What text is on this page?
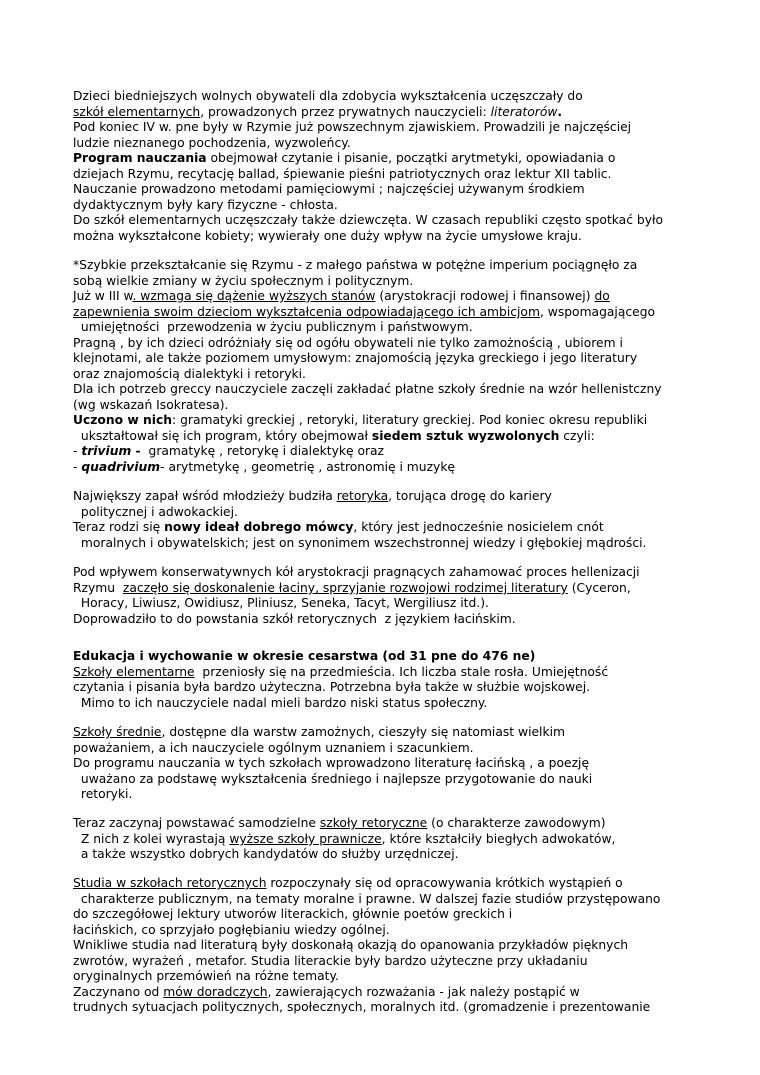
Dzieci biedniejszych wolnych obywateli dla zdobycia wykształcenia uczęszczały do
szkół elementarnych, prowadzonych przez prywatnych nauczycieli: literatorów.
Pod koniec IV w. pne były w Rzymie już powszechnym zjawiskiem. Prowadzili je najczęściej
ludzie nieznanego pochodzenia, wyzwoleńcy.
Program nauczania obejmował czytanie i pisanie, początki arytmetyki, opowiadania o
dziejach Rzymu, recytację ballad, śpiewanie pieśni patriotycznych oraz lektur XII tablic.
Nauczanie prowadzono metodami pamięciowymi ; najczęściej używanym środkiem
dydaktycznym były kary fizyczne - chłosta.
Do szkół elementarnych uczęszczały także dziewczęta. W czasach republiki często spotkać było
można wykształcone kobiety; wywierały one duży wpływ na życie umysłowe kraju.
*Szybkie przekształcanie się Rzymu - z małego państwa w potężne imperium pociągnęło za
sobą wielkie zmiany w życiu społecznym i politycznym.
Już w III w. wzmaga się dążenie wyższych stanów (arystokracji rodowej i finansowej) do
zapewnienia swoim dzieciom wykształcenia odpowiadającego ich ambicjom, wspomagającego
umiejętności  przewodzenia w życiu publicznym i państwowym.
Pragną , by ich dzieci odróżniały się od ogółu obywateli nie tylko zamożnością , ubiorem i
klejnotami, ale także poziomem umysłowym: znajomością języka greckiego i jego literatury
oraz znajomością dialektyki i retoryki.
Dla ich potrzeb greccy nauczyciele zaczęli zakładać płatne szkoły średnie na wzór hellenistczny
(wg wskazań Isokratesa).
Uczono w nich: gramatyki greckiej , retoryki, literatury greckiej. Pod koniec okresu republiki
ukształtował się ich program, który obejmował siedem sztuk wyzwolonych czyli:
- trivium -  gramatykę , retorykę i dialektykę oraz
- quadrivium- arytmetykę , geometrię , astronomię i muzykę
Największy zapał wśród młodzieży budziła retoryka, torująca drogę do kariery
politycznej i adwokackiej.
Teraz rodzi się nowy ideał dobrego mówcy, który jest jednocześnie nosicielem cnót
moralnych i obywatelskich; jest on synonimem wszechstronnej wiedzy i głębokiej mądrości.
Pod wpływem konserwatywnych kół arystokracji pragnących zahamować proces hellenizacji
Rzymu  zaczęło się doskonalenie łaciny, sprzyjanie rozwojowi rodzimej literatury (Cyceron,
Horacy, Liwiusz, Owidiusz, Pliniusz, Seneka, Tacyt, Wergiliusz itd.).
Doprowadziło to do powstania szkół retorycznych  z językiem łacińskim.
Edukacja i wychowanie w okresie cesarstwa (od 31 pne do 476 ne)
Szkoły elementarne  przeniosły się na przedmieścia. Ich liczba stale rosła. Umiejętność
czytania i pisania była bardzo użyteczna. Potrzebna była także w służbie wojskowej.
Mimo to ich nauczyciele nadal mieli bardzo niski status społeczny.
Szkoły średnie, dostępne dla warstw zamożnych, cieszyły się natomiast wielkim
poważaniem, a ich nauczyciele ogólnym uznaniem i szacunkiem.
Do programu nauczania w tych szkołach wprowadzono literaturę łacińską , a poezję
uważano za podstawę wykształcenia średniego i najlepsze przygotowanie do nauki
retoryki.
Teraz zaczynaj powstawać samodzielne szkoły retoryczne (o charakterze zawodowym)
Z nich z kolei wyrastają wyższe szkoły prawnicze, które kształciły biegłych adwokatów,
a także wszystko dobrych kandydatów do służby urzędniczej.
Studia w szkołach retorycznych rozpoczynały się od opracowywania krótkich wystąpień o
charakterze publicznym, na tematy moralne i prawne. W dalszej fazie studiów przystępowano
do szczegółowej lektury utworów literackich, głównie poetów greckich i
łacińskich, co sprzyjało pogłębianiu wiedzy ogólnej.
Wnikliwe studia nad literaturą były doskonałą okazją do opanowania przykładów pięknych
zwrotów, wyrażeń , metafor. Studia literackie były bardzo użyteczne przy układaniu
oryginalnych przemówień na różne tematy.
Zaczynano od mów doradczych, zawierających rozważania - jak należy postąpić w
trudnych sytuacjach politycznych, społecznych, moralnych itd. (gromadzenie i prezentowanie
